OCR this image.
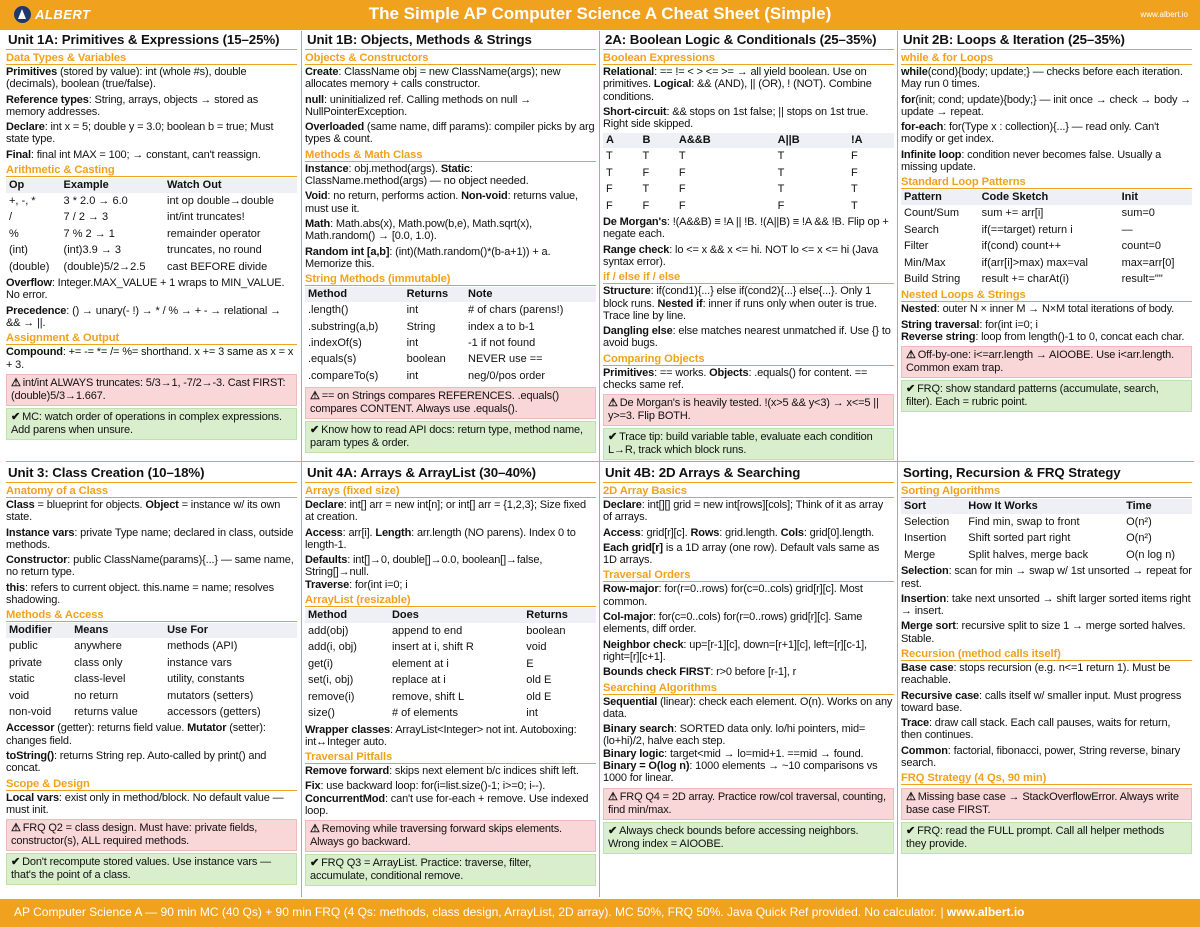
ALBERT	The Simple AP Computer Science A Cheat Sheet (Simple)	www.albert.io
Unit 1A: Primitives & Expressions (15–25%)
Data Types & Variables
Primitives (stored by value): int (whole #s), double (decimals), boolean (true/false).
Reference types: String, arrays, objects → stored as memory addresses.
Declare: int x = 5; double y = 3.0; boolean b = true; Must state type.
Final: final int MAX = 100; → constant, can't reassign.
Arithmetic & Casting
Op	Example	Watch Out
+, -, *	3 * 2.0 → 6.0	int op double→double
/	7 / 2 → 3	int/int truncates!
%	7 % 2 → 1	remainder operator
(int)	(int)3.9 → 3	truncates, no round
(double)	(double)5/2→2.5	cast BEFORE divide
Overflow: Integer.MAX_VALUE + 1 wraps to MIN_VALUE. No error.
Precedence: () → unary(- !) → * / % → + - → relational → && → ||.
Assignment & Output
Compound: += -= *= /= %= shorthand. x += 3 same as x = x + 3.
⚠ int/int ALWAYS truncates: 5/3→1, -7/2→-3. Cast FIRST: (double)5/3→1.667.
✔ MC: watch order of operations in complex expressions. Add parens when unsure.
Unit 1B: Objects, Methods & Strings
Objects & Constructors
Create: ClassName obj = new ClassName(args); new allocates memory + calls constructor.
null: uninitialized ref. Calling methods on null → NullPointerException.
Overloaded (same name, diff params): compiler picks by arg types & count.
Methods & Math Class
Instance: obj.method(args). Static: ClassName.method(args) — no object needed.
Void: no return, performs action. Non-void: returns value, must use it.
Math: Math.abs(x), Math.pow(b,e), Math.sqrt(x), Math.random() → [0.0, 1.0).
Random int [a,b]: (int)(Math.random()*(b-a+1)) + a. Memorize this.
String Methods (immutable)
Method	Returns	Note
.length()	int	# of chars (parens!)
.substring(a,b)	String	index a to b-1
.indexOf(s)	int	-1 if not found
.equals(s)	boolean	NEVER use ==
.compareTo(s)	int	neg/0/pos order
⚠ == on Strings compares REFERENCES. .equals() compares CONTENT. Always use .equals().
✔ Know how to read API docs: return type, method name, param types & order.
2A: Boolean Logic & Conditionals (25–35%)
Boolean Expressions
Relational: == != < > <= >= → all yield boolean. Use on primitives. Logical: && (AND), || (OR), ! (NOT). Combine conditions.
Short-circuit: && stops on 1st false; || stops on 1st true. Right side skipped.
A	B	A&&B	A||B	!A
T	T	T	T	F
T	F	F	T	F
F	T	F	T	T
F	F	F	F	T
De Morgan's: !(A&&B) ≡ !A || !B. !(A||B) ≡ !A && !B. Flip op + negate each.
Range check: lo <= x && x <= hi. NOT lo <= x <= hi (Java syntax error).
if / else if / else
Structure: if(cond1){...} else if(cond2){...} else{...}. Only 1 block runs. Nested if: inner if runs only when outer is true. Trace line by line.
Dangling else: else matches nearest unmatched if. Use {} to avoid bugs.
Comparing Objects
Primitives: == works. Objects: .equals() for content. == checks same ref.
⚠ De Morgan's is heavily tested. !(x>5 && y<3) → x<=5 || y>=3. Flip BOTH.
✔ Trace tip: build variable table, evaluate each condition L→R, track which block runs.
Unit 2B: Loops & Iteration (25–35%)
while & for Loops
while(cond){body; update;} — checks before each iteration. May run 0 times.
for(init; cond; update){body;} — init once → check → body → update → repeat.
for-each: for(Type x : collection){...} — read only. Can't modify or get index.
Infinite loop: condition never becomes false. Usually a missing update.
Standard Loop Patterns
Pattern	Code Sketch	Init
Count/Sum	sum += arr[i]	sum=0
Search	if(==target) return i	—
Filter	if(cond) count++	count=0
Min/Max	if(arr[i]>max) max=val	max=arr[0]
Build String	result += charAt(i)	result=""
Nested Loops & Strings
Nested: outer N × inner M → N×M total iterations of body.
String traversal: for(int i=0; i
Reverse string: loop from length()-1 to 0, concat each char.
⚠ Off-by-one: i<=arr.length → AIOOBE. Use i<arr.length. Common exam trap.
✔ FRQ: show standard patterns (accumulate, search, filter). Each = rubric point.
Unit 3: Class Creation (10–18%)
Anatomy of a Class
Class = blueprint for objects. Object = instance w/ its own state.
Instance vars: private Type name; declared in class, outside methods.
Constructor: public ClassName(params){...} — same name, no return type.
this: refers to current object. this.name = name; resolves shadowing.
Methods & Access
Modifier	Means	Use For
public	anywhere	methods (API)
private	class only	instance vars
static	class-level	utility, constants
void	no return	mutators (setters)
non-void	returns value	accessors (getters)
Accessor (getter): returns field value. Mutator (setter): changes field.
toString(): returns String rep. Auto-called by print() and concat.
Scope & Design
Local vars: exist only in method/block. No default value — must init.
⚠ FRQ Q2 = class design. Must have: private fields, constructor(s), ALL required methods.
✔ Don't recompute stored values. Use instance vars — that's the point of a class.
Unit 4A: Arrays & ArrayList (30–40%)
Arrays (fixed size)
Declare: int[] arr = new int[n]; or int[] arr = {1,2,3}; Size fixed at creation.
Access: arr[i]. Length: arr.length (NO parens). Index 0 to length-1.
Defaults: int[]→0, double[]→0.0, boolean[]→false, String[]→null.
Traverse: for(int i=0; i
ArrayList (resizable)
Method	Does	Returns
add(obj)	append to end	boolean
add(i, obj)	insert at i, shift R	void
get(i)	element at i	E
set(i, obj)	replace at i	old E
remove(i)	remove, shift L	old E
size()	# of elements	int
Wrapper classes: ArrayList<Integer> not int. Autoboxing: int↔Integer auto.
Traversal Pitfalls
Remove forward: skips next element b/c indices shift left.
Fix: use backward loop: for(i=list.size()-1; i>=0; i--).
ConcurrentMod: can't use for-each + remove. Use indexed loop.
⚠ Removing while traversing forward skips elements. Always go backward.
✔ FRQ Q3 = ArrayList. Practice: traverse, filter, accumulate, conditional remove.
Unit 4B: 2D Arrays & Searching
2D Array Basics
Declare: int[][] grid = new int[rows][cols]; Think of it as array of arrays.
Access: grid[r][c]. Rows: grid.length. Cols: grid[0].length.
Each grid[r] is a 1D array (one row). Default vals same as 1D arrays.
Traversal Orders
Row-major: for(r=0..rows) for(c=0..cols) grid[r][c]. Most common.
Col-major: for(c=0..cols) for(r=0..rows) grid[r][c]. Same elements, diff order.
Neighbor check: up=[r-1][c], down=[r+1][c], left=[r][c-1], right=[r][c+1].
Bounds check FIRST: r>0 before [r-1], r
Searching Algorithms
Sequential (linear): check each element. O(n). Works on any data.
Binary search: SORTED data only. lo/hi pointers, mid=(lo+hi)/2, halve each step.
Binary logic: target<mid → lo=mid+1. ==mid → found.
Binary = O(log n): 1000 elements → ~10 comparisons vs 1000 for linear.
⚠ FRQ Q4 = 2D array. Practice row/col traversal, counting, find min/max.
✔ Always check bounds before accessing neighbors. Wrong index = AIOOBE.
Sorting, Recursion & FRQ Strategy
Sorting Algorithms
Sort	How It Works	Time
Selection	Find min, swap to front	O(n²)
Insertion	Shift sorted part right	O(n²)
Merge	Split halves, merge back	O(n log n)
Selection: scan for min → swap w/ 1st unsorted → repeat for rest.
Insertion: take next unsorted → shift larger sorted items right → insert.
Merge sort: recursive split to size 1 → merge sorted halves. Stable.
Recursion (method calls itself)
Base case: stops recursion (e.g. n<=1 return 1). Must be reachable.
Recursive case: calls itself w/ smaller input. Must progress toward base.
Trace: draw call stack. Each call pauses, waits for return, then continues.
Common: factorial, fibonacci, power, String reverse, binary search.
FRQ Strategy (4 Qs, 90 min)
⚠ Missing base case → StackOverflowError. Always write base case FIRST.
✔ FRQ: read the FULL prompt. Call all helper methods they provide.
AP Computer Science A — 90 min MC (40 Qs) + 90 min FRQ (4 Qs: methods, class design, ArrayList, 2D array). MC 50%, FRQ 50%. Java Quick Ref provided. No calculator. | www.albert.io
